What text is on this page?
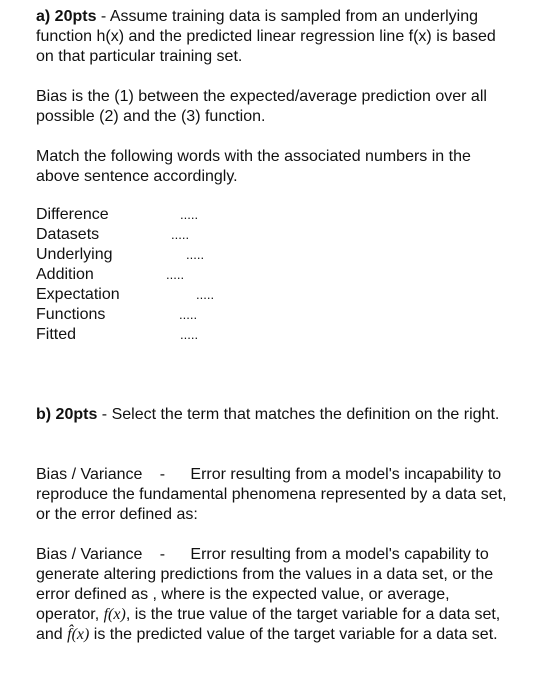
a) 20pts - Assume training data is sampled from an underlying function h(x) and the predicted linear regression line f(x) is based on that particular training set.

Bias is the (1) between the expected/average prediction over all possible (2) and the (3) function.

Match the following words with the associated numbers in the above sentence accordingly.

Difference
Datasets
Underlying
Addition
Expectation
Functions
Fitted
.....
.....
.....
.....
.....
.....
.....

b) 20pts - Select the term that matches the definition on the right.

Bias / Variance - Error resulting from a model's incapability to reproduce the fundamental phenomena represented by a data set, or the error defined as:

Bias / Variance - Error resulting from a model's capability to generate altering predictions from the values in a data set, or the error defined as , where is the expected value, or average, operator, f(x), is the true value of the target variable for a data set, and f̂(x) is the predicted value of the target variable for a data set.
